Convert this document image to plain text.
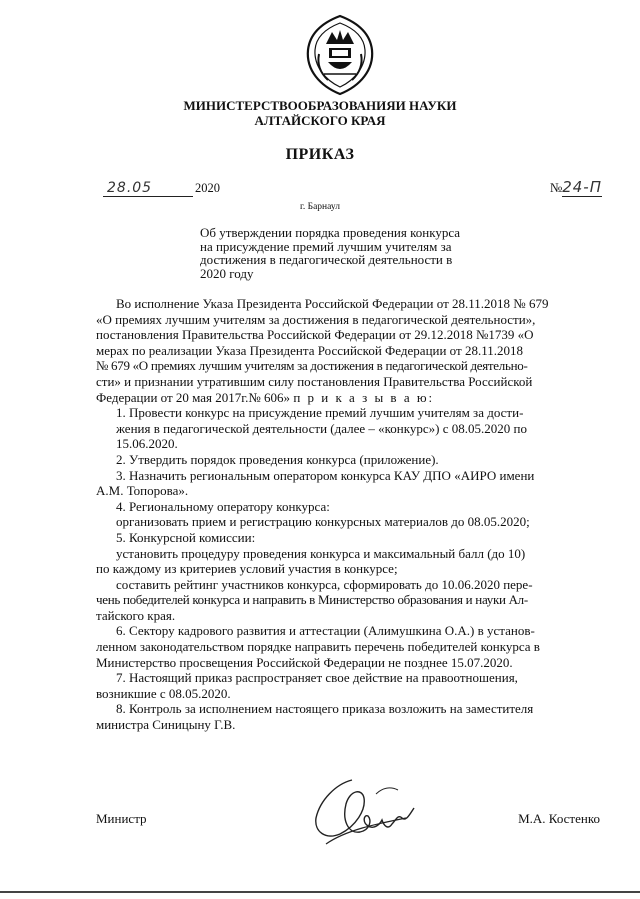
МИНИСТЕРСТВООБРАЗОВАНИЯИ НАУКИ
АЛТАЙСКОГО КРАЯ
ПРИКАЗ
28.05	2020	№24-П
г. Барнаул
Об утверждении порядка проведения конкурса
на присуждение премий лучшим учителям за
достижения в педагогической деятельности в
2020 году
Во исполнение Указа Президента Российской Федерации от 28.11.2018 № 679
«О премиях лучшим учителям за достижения в педагогической деятельности»,
постановления Правительства Российской Федерации от 29.12.2018 №1739 «О
мерах по реализации Указа Президента Российской Федерации от 28.11.2018
№ 679 «О премиях лучшим учителям за достижения в педагогической деятельно-
сти» и признании утратившим силу постановления Правительства Российской
Федерации от 20 мая 2017г.№ 606» п р и к а з ы в а ю:
1. Провести конкурс на присуждение премий лучшим учителям за дости-
жения в педагогической деятельности (далее – «конкурс») с 08.05.2020 по
15.06.2020.
2. Утвердить порядок проведения конкурса (приложение).
3. Назначить региональным оператором конкурса КАУ ДПО «АИРО имени
А.М. Топорова».
4. Региональному оператору конкурса:
организовать прием и регистрацию конкурсных материалов до 08.05.2020;
5. Конкурсной комиссии:
установить процедуру проведения конкурса и максимальный балл (до 10)
по каждому из критериев условий участия в конкурсе;
составить рейтинг участников конкурса, сформировать до 10.06.2020 пере-
чень победителей конкурса и направить в Министерство образования и науки Ал-
тайского края.
6. Сектору кадрового развития и аттестации (Алимушкина О.А.) в установ-
ленном законодательством порядке направить перечень победителей конкурса в
Министерство просвещения Российской Федерации не позднее 15.07.2020.
7. Настоящий приказ распространяет свое действие на правоотношения,
возникшие с 08.05.2020.
8. Контроль за исполнением настоящего приказа возложить на заместителя
министра Синицыну Г.В.
Министр	М.А. Костенко
